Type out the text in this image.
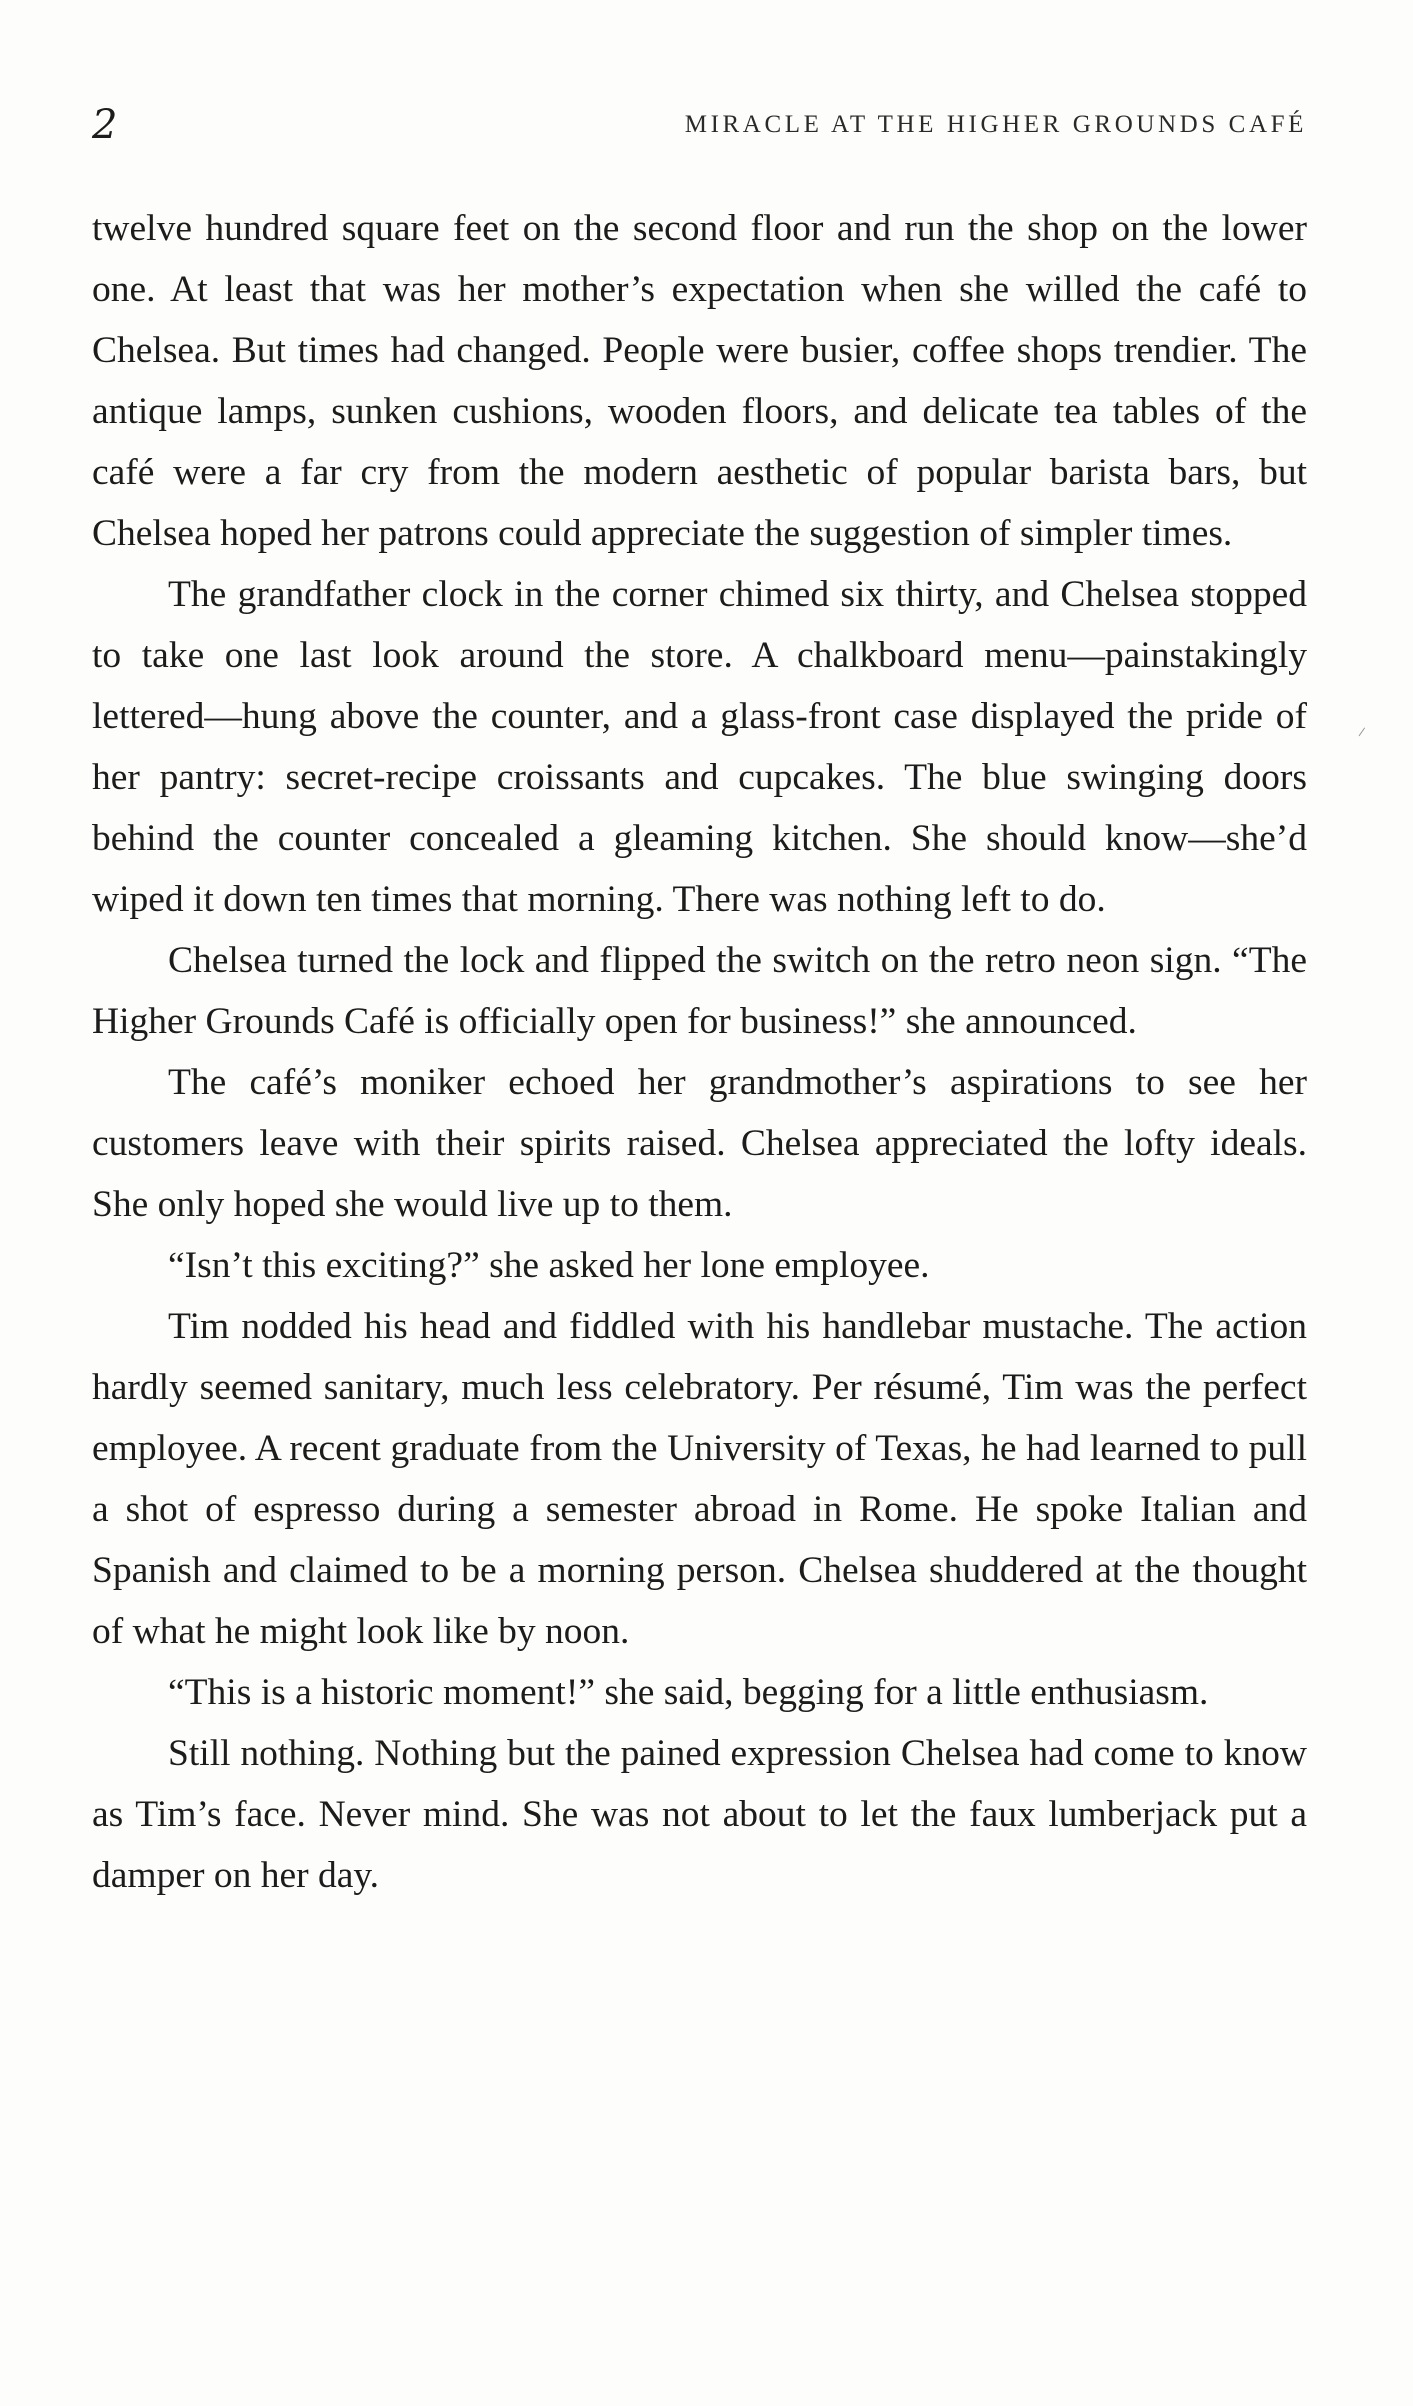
2	MIRACLE AT THE HIGHER GROUNDS CAFÉ

twelve hundred square feet on the second floor and run the shop on the lower one. At least that was her mother’s expectation when she willed the café to Chelsea. But times had changed. People were busier, coffee shops trendier. The antique lamps, sunken cushions, wooden floors, and delicate tea tables of the café were a far cry from the modern aesthetic of popular barista bars, but Chelsea hoped her patrons could appreciate the suggestion of simpler times.

The grandfather clock in the corner chimed six thirty, and Chelsea stopped to take one last look around the store. A chalkboard menu—painstakingly lettered—hung above the counter, and a glass-front case displayed the pride of her pantry: secret-recipe croissants and cupcakes. The blue swinging doors behind the counter concealed a gleaming kitchen. She should know—she’d wiped it down ten times that morning. There was nothing left to do.

Chelsea turned the lock and flipped the switch on the retro neon sign. “The Higher Grounds Café is officially open for business!” she announced.

The café’s moniker echoed her grandmother’s aspirations to see her customers leave with their spirits raised. Chelsea appreciated the lofty ideals. She only hoped she would live up to them.

“Isn’t this exciting?” she asked her lone employee.

Tim nodded his head and fiddled with his handlebar mustache. The action hardly seemed sanitary, much less celebratory. Per résumé, Tim was the perfect employee. A recent graduate from the University of Texas, he had learned to pull a shot of espresso during a semester abroad in Rome. He spoke Italian and Spanish and claimed to be a morning person. Chelsea shuddered at the thought of what he might look like by noon.

“This is a historic moment!” she said, begging for a little enthusiasm.

Still nothing. Nothing but the pained expression Chelsea had come to know as Tim’s face. Never mind. She was not about to let the faux lumberjack put a damper on her day.
